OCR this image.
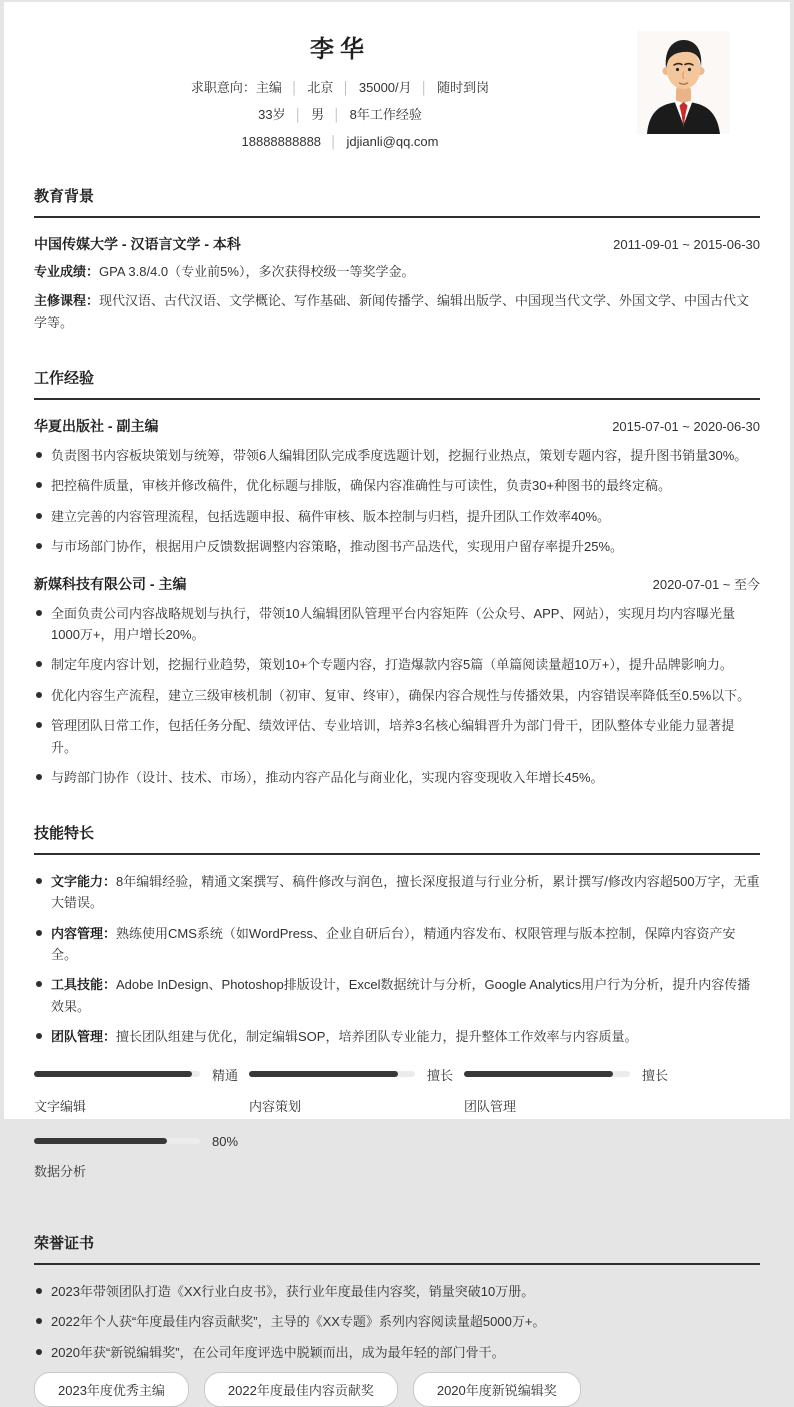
李华
求职意向：主编 │ 北京 │ 35000/月 │ 随时到岗
33岁 │ 男 │ 8年工作经验
18888888888 │ jdjianli@qq.com
教育背景
中国传媒大学 - 汉语言文学 - 本科	2011-09-01 ~ 2015-06-30
专业成绩：GPA 3.8/4.0（专业前5%），多次获得校级一等奖学金。
主修课程：现代汉语、古代汉语、文学概论、写作基础、新闻传播学、编辑出版学、中国现当代文学、外国文学、中国古代文学等。
工作经验
华夏出版社 - 副主编	2015-07-01 ~ 2020-06-30
负责图书内容板块策划与统筹，带领6人编辑团队完成季度选题计划，挖掘行业热点，策划专题内容，提升图书销量30%。
把控稿件质量，审核并修改稿件，优化标题与排版，确保内容准确性与可读性，负责30+种图书的最终定稿。
建立完善的内容管理流程，包括选题申报、稿件审核、版本控制与归档，提升团队工作效率40%。
与市场部门协作，根据用户反馈数据调整内容策略，推动图书产品迭代，实现用户留存率提升25%。
新媒科技有限公司 - 主编	2020-07-01 ~ 至今
全面负责公司内容战略规划与执行，带领10人编辑团队管理平台内容矩阵（公众号、APP、网站），实现月均内容曝光量1000万+，用户增长20%。
制定年度内容计划，挖掘行业趋势，策划10+个专题内容，打造爆款内容5篇（单篇阅读量超10万+），提升品牌影响力。
优化内容生产流程，建立三级审核机制（初审、复审、终审），确保内容合规性与传播效果，内容错误率降低至0.5%以下。
管理团队日常工作，包括任务分配、绩效评估、专业培训，培养3名核心编辑晋升为部门骨干，团队整体专业能力显著提升。
与跨部门协作（设计、技术、市场），推动内容产品化与商业化，实现内容变现收入年增长45%。
技能特长
文字能力：8年编辑经验，精通文案撰写、稿件修改与润色，擅长深度报道与行业分析，累计撰写/修改内容超500万字，无重大错误。
内容管理：熟练使用CMS系统（如WordPress、企业自研后台），精通内容发布、权限管理与版本控制，保障内容资产安全。
工具技能：Adobe InDesign、Photoshop排版设计，Excel数据统计与分析，Google Analytics用户行为分析，提升内容传播效果。
团队管理：擅长团队组建与优化，制定编辑SOP，培养团队专业能力，提升整体工作效率与内容质量。
精通
文字编辑
擅长
内容策划
擅长
团队管理
80%
数据分析
荣誉证书
2023年带领团队打造《XX行业白皮书》，获行业年度最佳内容奖，销量突破10万册。
2022年个人获“年度最佳内容贡献奖”，主导的《XX专题》系列内容阅读量超5000万+。
2020年获“新锐编辑奖”，在公司年度评选中脱颖而出，成为最年轻的部门骨干。
2023年度优秀主编	2022年度最佳内容贡献奖	2020年度新锐编辑奖
